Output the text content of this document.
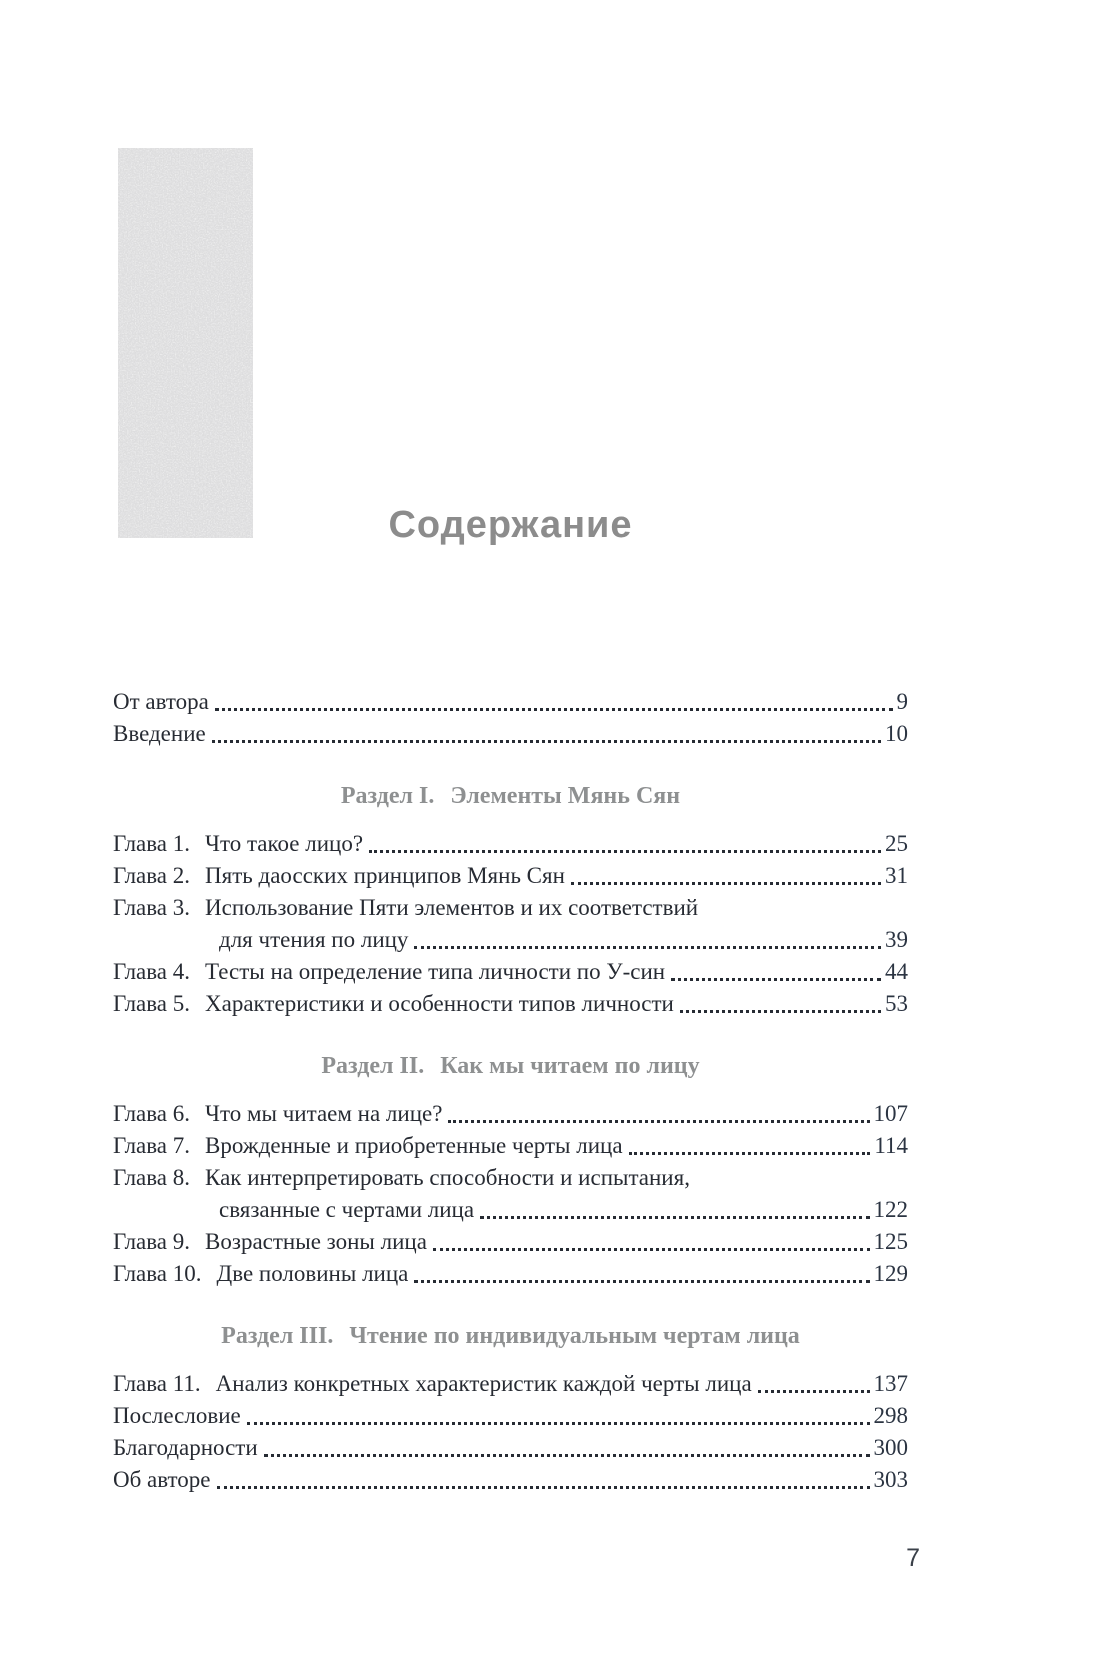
Содержание
От автора	9
Введение	10
Раздел I. Элементы Мянь Сян
Глава 1. Что такое лицо?	25
Глава 2. Пять даосских принципов Мянь Сян	31
Глава 3. Использование Пяти элементов и их соответствий
для чтения по лицу	39
Глава 4. Тесты на определение типа личности по У-син	44
Глава 5. Характеристики и особенности типов личности	53
Раздел II. Как мы читаем по лицу
Глава 6. Что мы читаем на лице?	107
Глава 7. Врожденные и приобретенные черты лица	114
Глава 8. Как интерпретировать способности и испытания,
связанные с чертами лица	122
Глава 9. Возрастные зоны лица	125
Глава 10. Две половины лица	129
Раздел III. Чтение по индивидуальным чертам лица
Глава 11. Анализ конкретных характеристик каждой черты лица	137
Послесловие	298
Благодарности	300
Об авторе	303
7
